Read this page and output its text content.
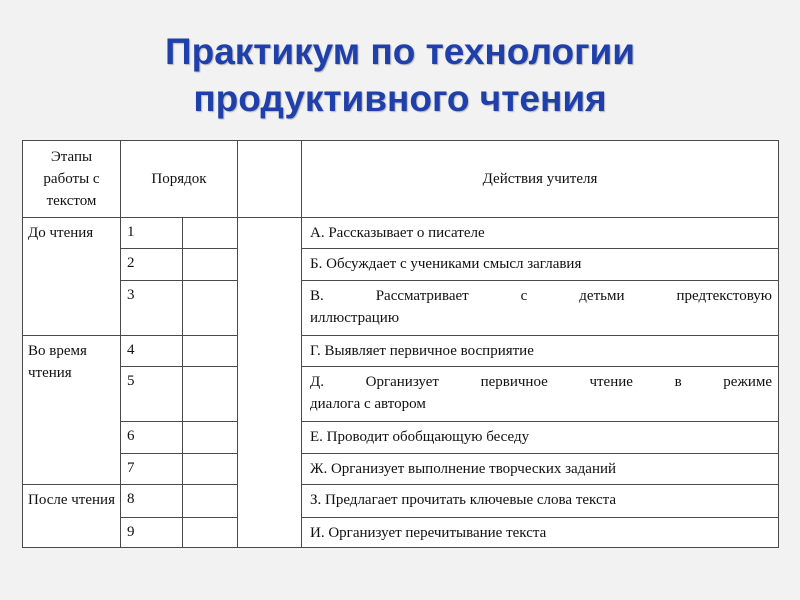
Практикум по технологии
продуктивного чтения
Этапы работы с текстом	Порядок			Действия учителя
До чтения	1			А. Рассказывает о писателе
	2			Б. Обсуждает с учениками смысл заглавия
	3			В. Рассматривает с детьми предтекстовую
иллюстрацию
Во время чтения	4			Г. Выявляет первичное восприятие
	5			Д. Организует первичное чтение в режиме
диалога с автором
	6			Е. Проводит обобщающую беседу
	7			Ж. Организует выполнение творческих заданий
После чтения	8			З. Предлагает прочитать ключевые слова текста
	9			И. Организует перечитывание текста
